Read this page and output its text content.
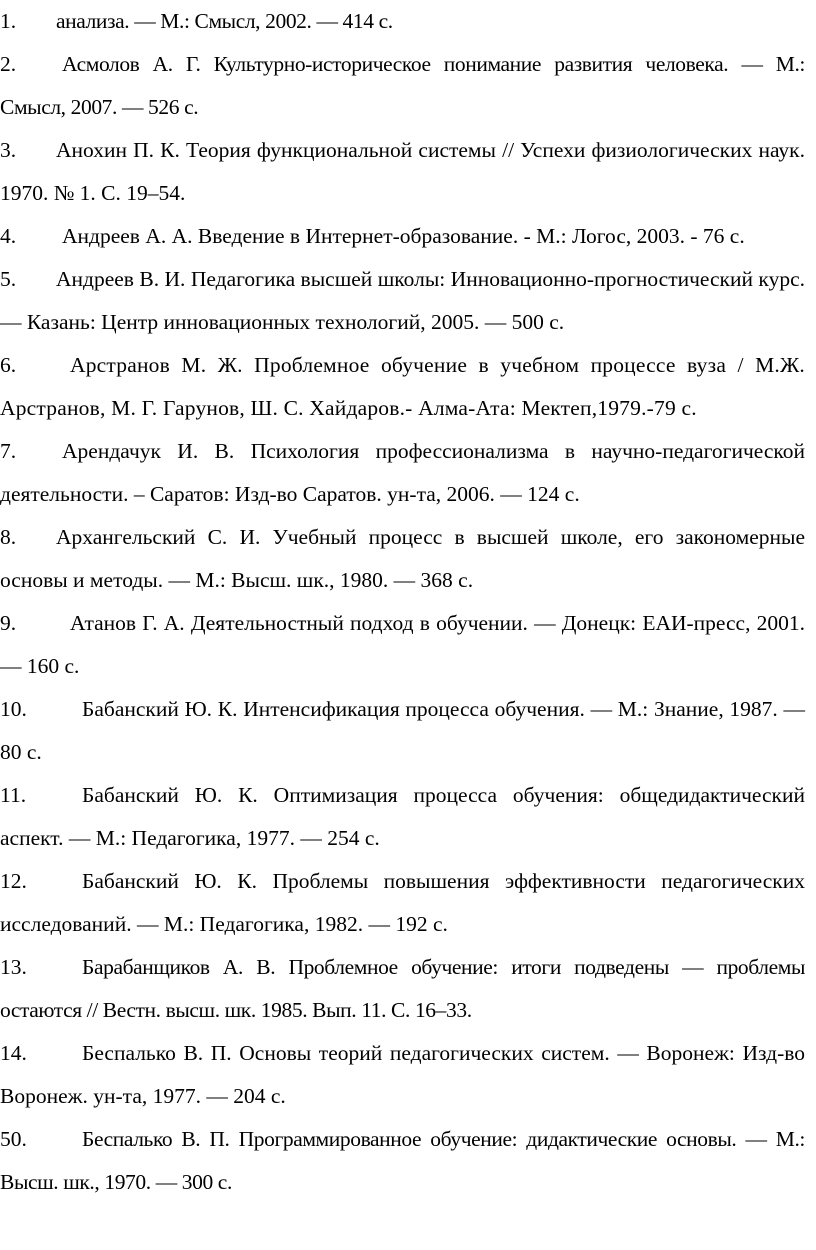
1. анализа. — М.: Смысл, 2002. — 414 с.

2. Асмолов А. Г. Культурно-историческое понимание развития человека. — М.: Смысл, 2007. — 526 с.

3. Анохин П. К. Теория функциональной системы // Успехи физиологических наук. 1970. № 1. С. 19–54.

4. Андреев А. А. Введение в Интернет-образование. - М.: Логос, 2003. - 76 с.

5. Андреев В. И. Педагогика высшей школы: Инновационно-прогностический курс. — Казань: Центр инновационных технологий, 2005. — 500 с.

6.	Арстранов М. Ж. Проблемное обучение в учебном процессе вуза / М.Ж. Арстранов, М. Г. Гарунов, Ш. С. Хайдаров.- Алма-Ата: Мектеп,1979.-79 с.

7. Арендачук И. В. Психология профессионализма в научно-педагогической деятельности. – Саратов: Изд-во Саратов. ун-та, 2006. — 124 с.

8. Архангельский С. И. Учебный процесс в высшей школе, его закономерные основы и методы. — М.: Высш. шк., 1980. — 368 с.

9.	Атанов Г. А. Деятельностный подход в обучении. — Донецк: ЕАИ-пресс, 2001. — 160 с.

10.	Бабанский Ю. К. Интенсификация процесса обучения. — М.: Знание, 1987. — 80 с.

11.	Бабанский Ю. К. Оптимизация процесса обучения: общедидактический аспект. — М.: Педагогика, 1977. — 254 с.

12.	Бабанский Ю. К. Проблемы повышения эффективности педагогических исследований. — М.: Педагогика, 1982. — 192 с.

13.	Барабанщиков А. В. Проблемное обучение: итоги подведены — проблемы остаются // Вестн. высш. шк. 1985. Вып. 11. С. 16–33.

14.	Беспалько В. П. Основы теорий педагогических систем. — Воронеж: Изд-во Воронеж. ун-та, 1977. — 204 с.

50.	Беспалько В. П. Программированное обучение: дидактические основы. — М.: Высш. шк., 1970. — 300 с.
